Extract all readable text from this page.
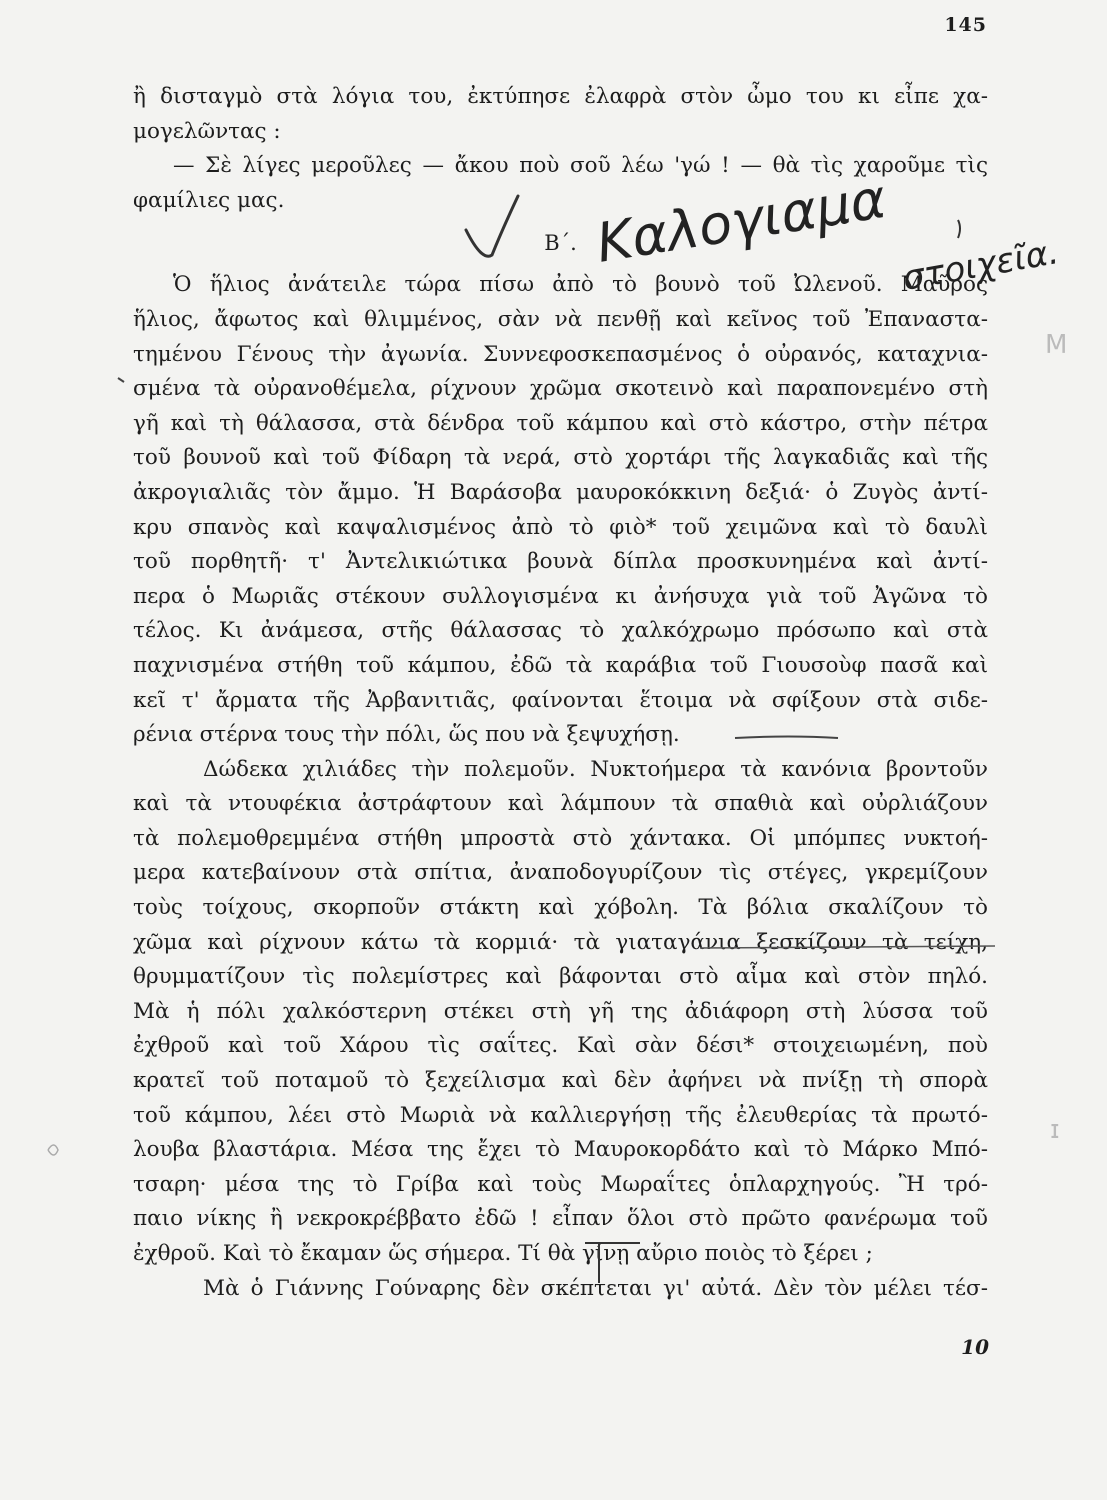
145
ἢ δισταγμὸ στὰ λόγια του, ἐκτύπησε ἐλαφρὰ στὸν ὦμο του κι εἶπε χα-
μογελῶντας :
— Σὲ λίγες μεροῦλες — ἄκου ποὺ σοῦ λέω 'γώ ! — θὰ τὶς χαροῦμε τὶς
φαμίλιες μας.
Β΄.
Ὁ ἥλιος ἀνάτειλε τώρα πίσω ἀπὸ τὸ βουνὸ τοῦ Ὠλενοῦ. Μαῦρος
ἥλιος, ἄφωτος καὶ θλιμμένος, σὰν νὰ πενθῇ καὶ κεῖνος τοῦ Ἐπαναστα-
τημένου Γένους τὴν ἀγωνία. Συννεφοσκεπασμένος ὁ οὐρανός, καταχνια-
σμένα τὰ οὐρανοθέμελα, ρίχνουν χρῶμα σκοτεινὸ καὶ παραπονεμένο στὴ
γῆ καὶ τὴ θάλασσα, στὰ δένδρα τοῦ κάμπου καὶ στὸ κάστρο, στὴν πέτρα
τοῦ βουνοῦ καὶ τοῦ Φίδαρη τὰ νερά, στὸ χορτάρι τῆς λαγκαδιᾶς καὶ τῆς
ἀκρογιαλιᾶς τὸν ἄμμο. Ἡ Βαράσοβα μαυροκόκκινη δεξιά· ὁ Ζυγὸς ἀντί-
κρυ σπανὸς καὶ καψαλισμένος ἀπὸ τὸ φιὸ* τοῦ χειμῶνα καὶ τὸ δαυλὶ
τοῦ πορθητῆ· τ' Ἀντελικιώτικα βουνὰ δίπλα προσκυνημένα καὶ ἀντί-
περα ὁ Μωριᾶς στέκουν συλλογισμένα κι ἀνήσυχα γιὰ τοῦ Ἀγῶνα τὸ
τέλος. Κι ἀνάμεσα, στῆς θάλασσας τὸ χαλκόχρωμο πρόσωπο καὶ στὰ
παχνισμένα στήθη τοῦ κάμπου, ἐδῶ τὰ καράβια τοῦ Γιουσοὺφ πασᾶ καὶ
κεῖ τ' ἄρματα τῆς Ἀρβανιτιᾶς, φαίνονται ἕτοιμα νὰ σφίξουν στὰ σιδε-
ρένια στέρνα τους τὴν πόλι, ὥς που νὰ ξεψυχήσῃ.
Δώδεκα χιλιάδες τὴν πολεμοῦν. Νυκτοήμερα τὰ κανόνια βροντοῦν
καὶ τὰ ντουφέκια ἀστράφτουν καὶ λάμπουν τὰ σπαθιὰ καὶ οὐρλιάζουν
τὰ πολεμοθρεμμένα στήθη μπροστὰ στὸ χάντακα. Οἱ μπόμπες νυκτοή-
μερα κατεβαίνουν στὰ σπίτια, ἀναποδογυρίζουν τὶς στέγες, γκρεμίζουν
τοὺς τοίχους, σκορποῦν στάκτη καὶ χόβολη. Τὰ βόλια σκαλίζουν τὸ
χῶμα καὶ ρίχνουν κάτω τὰ κορμιά· τὰ γιαταγάνια ξεσκίζουν τὰ τείχη,
θρυμματίζουν τὶς πολεμίστρες καὶ βάφονται στὸ αἷμα καὶ στὸν πηλό.
Μὰ ἡ πόλι χαλκόστερνη στέκει στὴ γῆ της ἀδιάφορη στὴ λύσσα τοῦ
ἐχθροῦ καὶ τοῦ Χάρου τὶς σαΐτες. Καὶ σὰν δέσι* στοιχειωμένη, ποὺ
κρατεῖ τοῦ ποταμοῦ τὸ ξεχείλισμα καὶ δὲν ἀφήνει νὰ πνίξῃ τὴ σπορὰ
τοῦ κάμπου, λέει στὸ Μωριὰ νὰ καλλιεργήσῃ τῆς ἐλευθερίας τὰ πρωτό-
λουβα βλαστάρια. Μέσα της ἔχει τὸ Μαυροκορδάτο καὶ τὸ Μάρκο Μπό-
τσαρη· μέσα της τὸ Γρίβα καὶ τοὺς Μωραΐτες ὁπλαρχηγούς. Ἢ τρό-
παιο νίκης ἢ νεκροκρέββατο ἐδῶ ! εἶπαν ὅλοι στὸ πρῶτο φανέρωμα τοῦ
ἐχθροῦ. Καὶ τὸ ἔκαμαν ὥς σήμερα. Τί θὰ γίνῃ αὔριο ποιὸς τὸ ξέρει ;
Μὰ ὁ Γιάννης Γούναρης δὲν σκέπτεται γι' αὐτά. Δὲν τὸν μέλει τέσ-
10
Μ
ɪ
Καλογιαμα στοιχεῖα.
